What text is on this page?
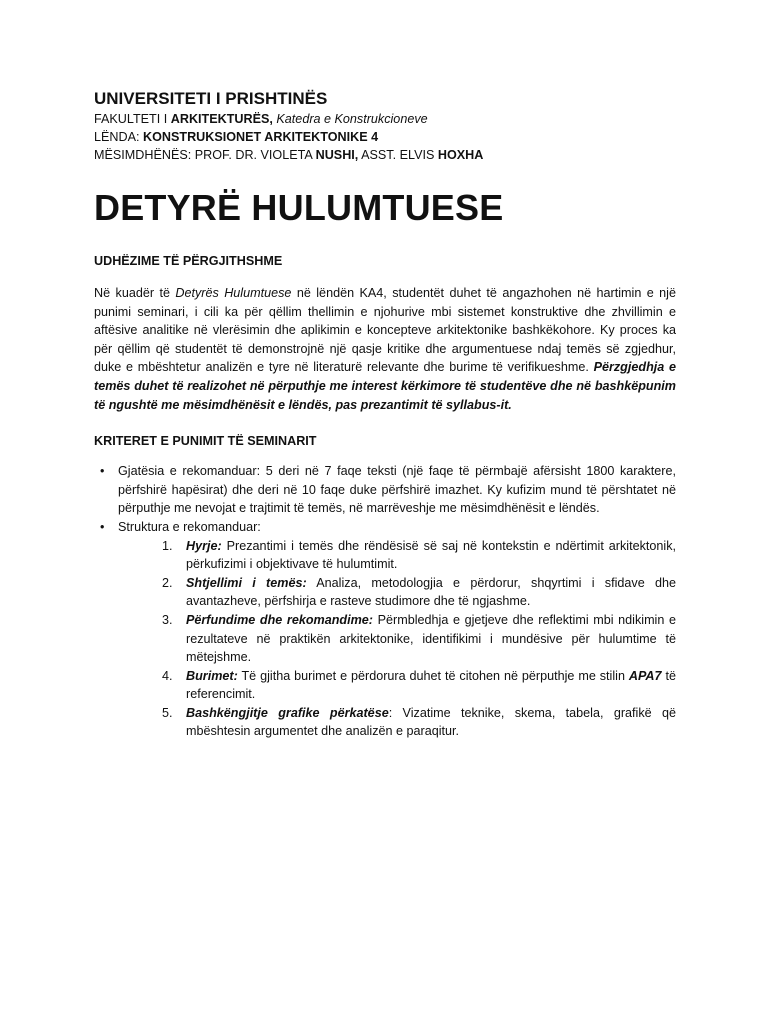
UNIVERSITETI I PRISHTINËS

FAKULTETI I ARKITEKTURËS, Katedra e Konstrukcioneve

LËNDA: KONSTRUKSIONET ARKITEKTONIKE 4

MËSIMDHËNËS: PROF. DR. VIOLETA NUSHI, ASST. ELVIS HOXHA

DETYRË HULUMTUESE
UDHËZIME TË PËRGJITHSHME

Në kuadër të Detyrës Hulumtuese në lëndën KA4, studentët duhet të angazhohen në hartimin e një punimi seminari, i cili ka për qëllim thellimin e njohurive mbi sistemet konstruktive dhe zhvillimin e aftësive analitike në vlerësimin dhe aplikimin e koncepteve arkitektonike bashkëkohore. Ky proces ka për qëllim që studentët të demonstrojnë një qasje kritike dhe argumentuese ndaj temës së zgjedhur, duke e mbështetur analizën e tyre në literaturë relevante dhe burime të verifikueshme. Përzgjedhja e temës duhet të realizohet në përputhje me interest kërkimore të studentëve dhe në bashkëpunim të ngushtë me mësimdhënësit e lëndës, pas prezantimit të syllabus-it.

KRITERET E PUNIMIT TË SEMINARIT
• Gjatësia e rekomanduar: 5 deri në 7 faqe teksti (një faqe të përmbajë afërsisht 1800 karaktere, përfshirë hapësirat) dhe deri në 10 faqe duke përfshirë imazhet. Ky kufizim mund të përshtatet në përputhje me nevojat e trajtimit të temës, në marrëveshje me mësimdhënësit e lëndës.
• Struktura e rekomanduar:
1. Hyrje: Prezantimi i temës dhe rëndësisë së saj në kontekstin e ndërtimit arkitektonik, përkufizimi i objektivave të hulumtimit.
2. Shtjellimi i temës: Analiza, metodologjia e përdorur, shqyrtimi i sfidave dhe avantazheve, përfshirja e rasteve studimore dhe të ngjashme.
3. Përfundime dhe rekomandime: Përmbledhja e gjetjeve dhe reflektimi mbi ndikimin e rezultateve në praktikën arkitektonike, identifikimi i mundësive për hulumtime të mëtejshme.
4. Burimet: Të gjitha burimet e përdorura duhet të citohen në përputhje me stilin APA7 të referencimit.
5. Bashkëngjitje grafike përkatëse: Vizatime teknike, skema, tabela, grafikë që mbështesin argumentet dhe analizën e paraqitur.
